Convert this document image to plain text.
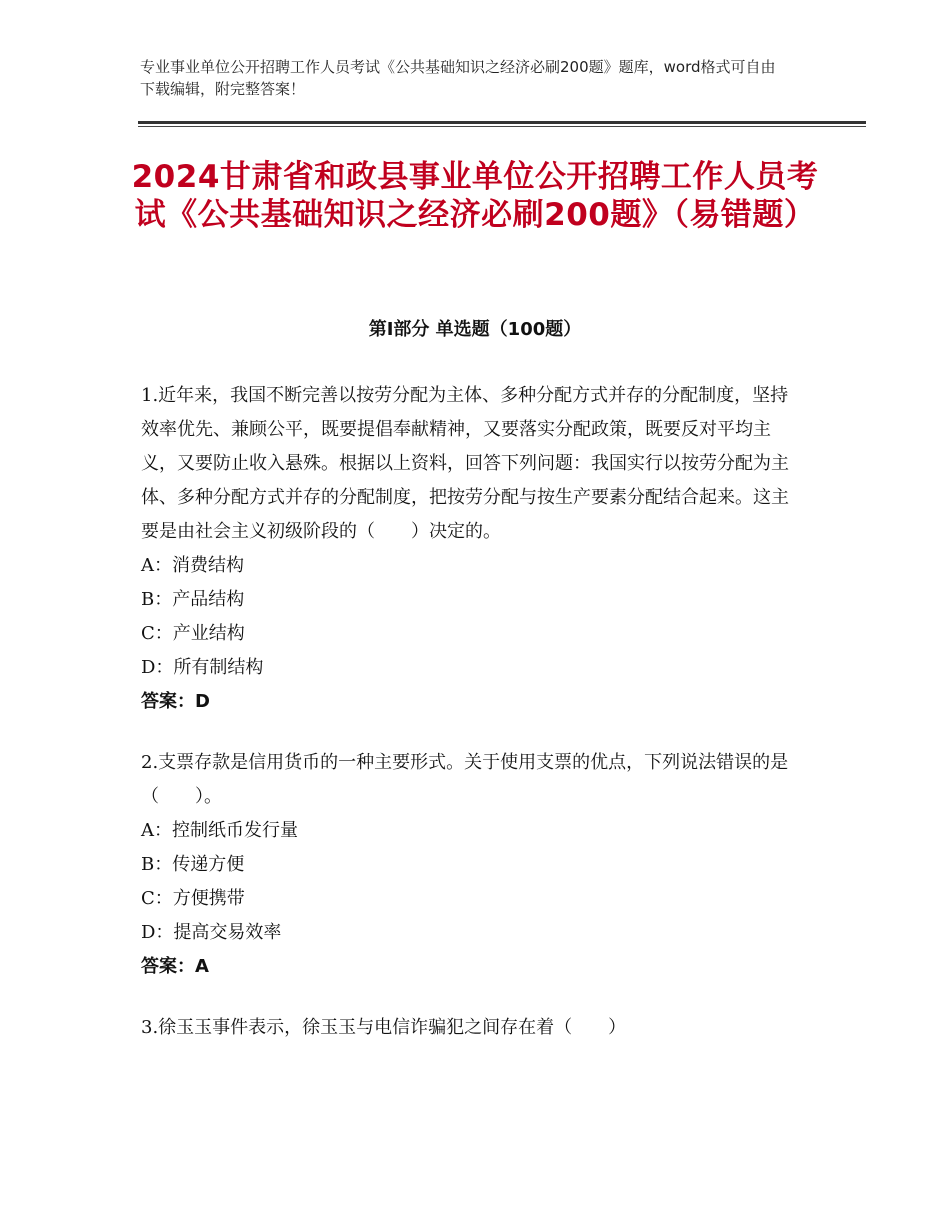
专业事业单位公开招聘工作人员考试《公共基础知识之经济必刷200题》题库，word格式可自由下载编辑，附完整答案！
2024甘肃省和政县事业单位公开招聘工作人员考试《公共基础知识之经济必刷200题》（易错题）
第Ⅰ部分 单选题（100题）

1.近年来，我国不断完善以按劳分配为主体、多种分配方式并存的分配制度，坚持效率优先、兼顾公平，既要提倡奉献精神，又要落实分配政策，既要反对平均主义，又要防止收入悬殊。根据以上资料，回答下列问题：我国实行以按劳分配为主体、多种分配方式并存的分配制度，把按劳分配与按生产要素分配结合起来。这主要是由社会主义初级阶段的（　　）决定的。

A：消费结构

B：产品结构

C：产业结构

D：所有制结构

答案：D

2.支票存款是信用货币的一种主要形式。关于使用支票的优点，下列说法错误的是（　　）。

A：控制纸币发行量

B：传递方便

C：方便携带

D：提高交易效率

答案：A

3.徐玉玉事件表示，徐玉玉与电信诈骗犯之间存在着（　　）
